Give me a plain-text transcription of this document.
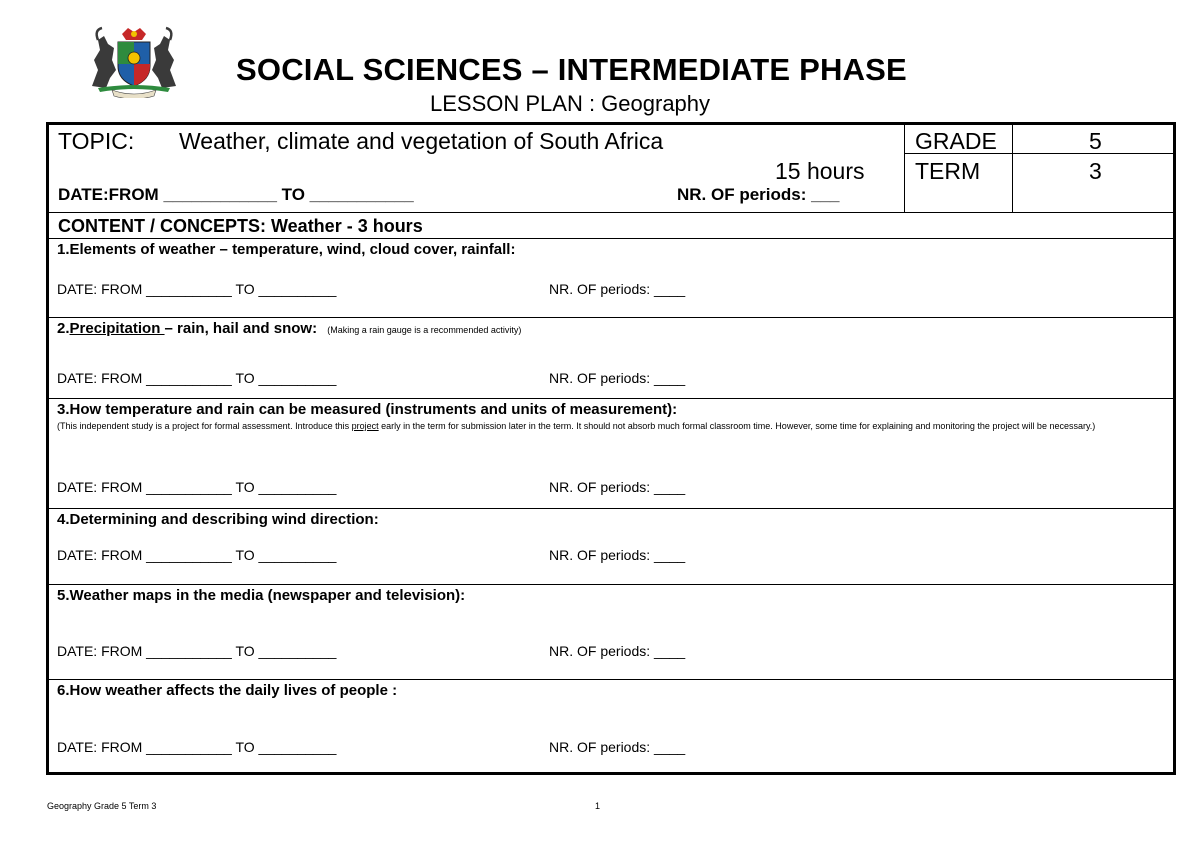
SOCIAL SCIENCES – INTERMEDIATE PHASE
LESSON PLAN : Geography
TOPIC: Weather, climate and vegetation of South Africa
15 hours
DATE:FROM ____________ TO ___________	NR. OF periods: ___
GRADE	5
TERM	3
CONTENT / CONCEPTS: Weather - 3 hours
1.Elements of weather – temperature, wind, cloud cover, rainfall:
DATE: FROM ___________ TO __________	NR. OF periods: ____
2.Precipitation – rain, hail and snow: (Making a rain gauge is a recommended activity)
DATE: FROM ___________ TO __________	NR. OF periods: ____
3.How temperature and rain can be measured (instruments and units of measurement):
(This independent study is a project for formal assessment. Introduce this project early in the term for submission later in the term. It should not absorb much formal classroom time. However, some time for explaining and monitoring the project will be necessary.)
DATE: FROM ___________ TO __________	NR. OF periods: ____
4.Determining and describing wind direction:
DATE: FROM ___________ TO __________	NR. OF periods: ____
5.Weather maps in the media (newspaper and television):
DATE: FROM ___________ TO __________	NR. OF periods: ____
6.How weather affects the daily lives of people :
DATE: FROM ___________ TO __________	NR. OF periods: ____
Geography Grade 5 Term 3	1
